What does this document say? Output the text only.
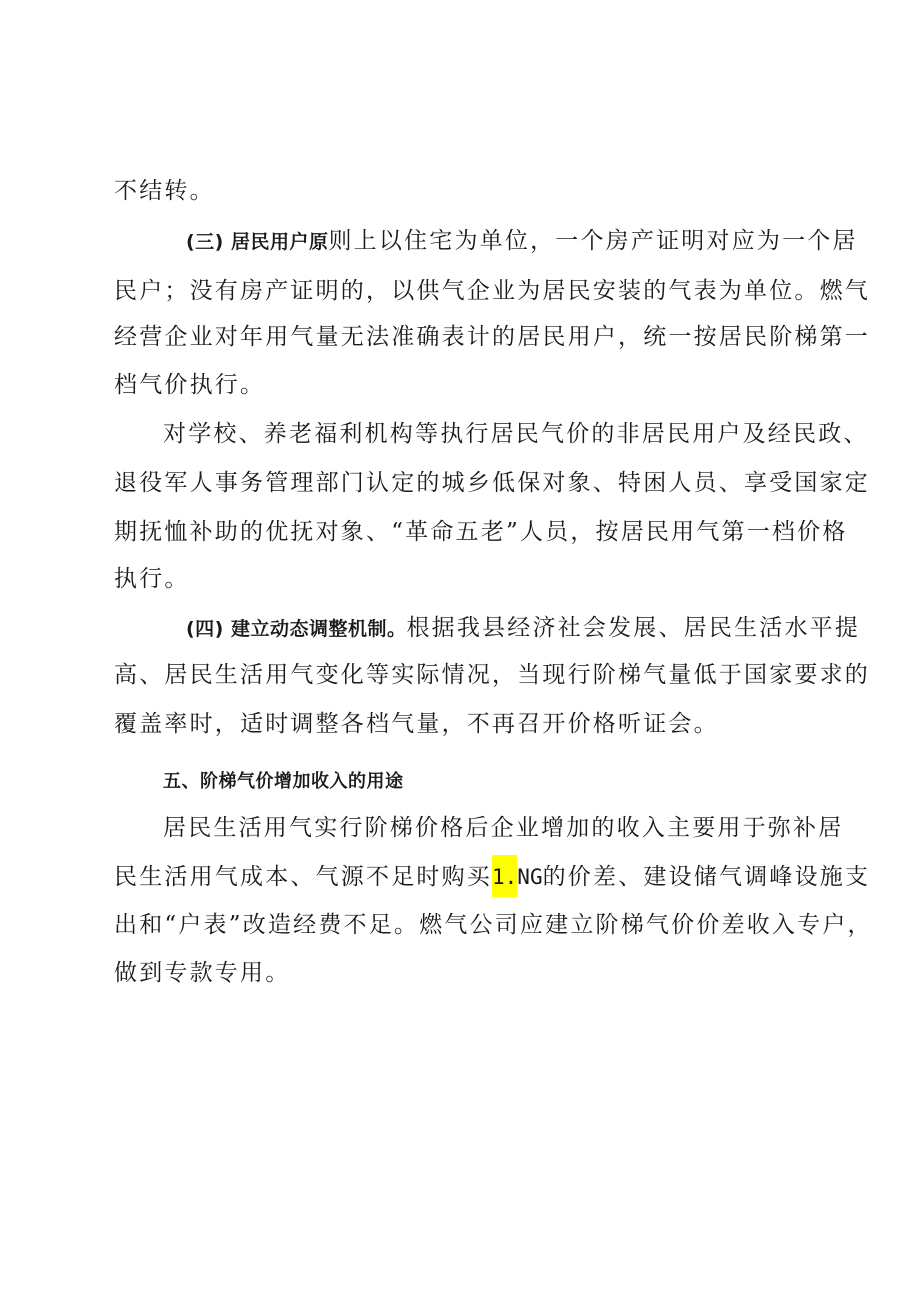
不结转。

(三) 居民用户原则上以住宅为单位，一个房产证明对应为一个居

民户；没有房产证明的，以供气企业为居民安装的气表为单位。燃气

经营企业对年用气量无法准确表计的居民用户，统一按居民阶梯第一

档气价执行。

对学校、养老福利机构等执行居民气价的非居民用户及经民政、

退役军人事务管理部门认定的城乡低保对象、特困人员、享受国家定

期抚恤补助的优抚对象、“革命五老”人员，按居民用气第一档价格

执行。

(四) 建立动态调整机制。根据我县经济社会发展、居民生活水平提

高、居民生活用气变化等实际情况，当现行阶梯气量低于国家要求的

覆盖率时，适时调整各档气量，不再召开价格听证会。

五、阶梯气价增加收入的用途

居民生活用气实行阶梯价格后企业增加的收入主要用于弥补居

民生活用气成本、气源不足时购买1.NG的价差、建设储气调峰设施支

出和“户表”改造经费不足。燃气公司应建立阶梯气价价差收入专户，

做到专款专用。
